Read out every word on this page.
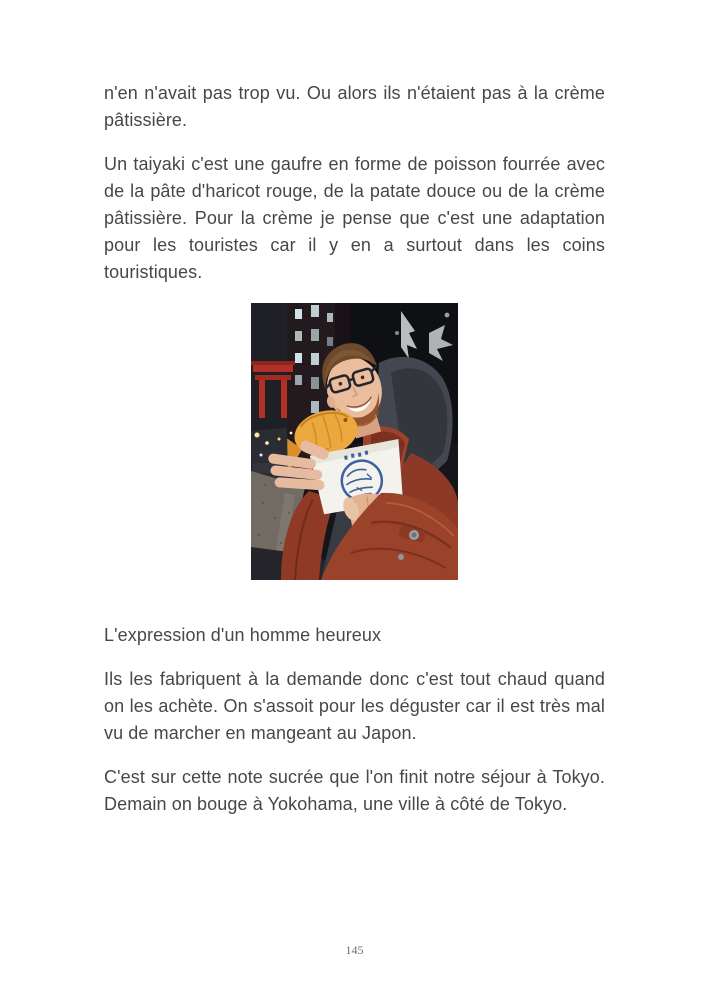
n'en n'avait pas trop vu. Ou alors ils n'étaient pas à la crème pâtissière.

Un taiyaki c'est une gaufre en forme de poisson fourrée avec de la pâte d'haricot rouge, de la patate douce ou de la crème pâtissière. Pour la crème je pense que c'est une adaptation pour les touristes car il y en a surtout dans les coins touristiques.

L'expression d'un homme heureux

Ils les fabriquent à la demande donc c'est tout chaud quand on les achète. On s'assoit pour les déguster car il est très mal vu de marcher en mangeant au Japon.

C'est sur cette note sucrée que l'on finit notre séjour à Tokyo. Demain on bouge à Yokohama, une ville à côté de Tokyo.

145
